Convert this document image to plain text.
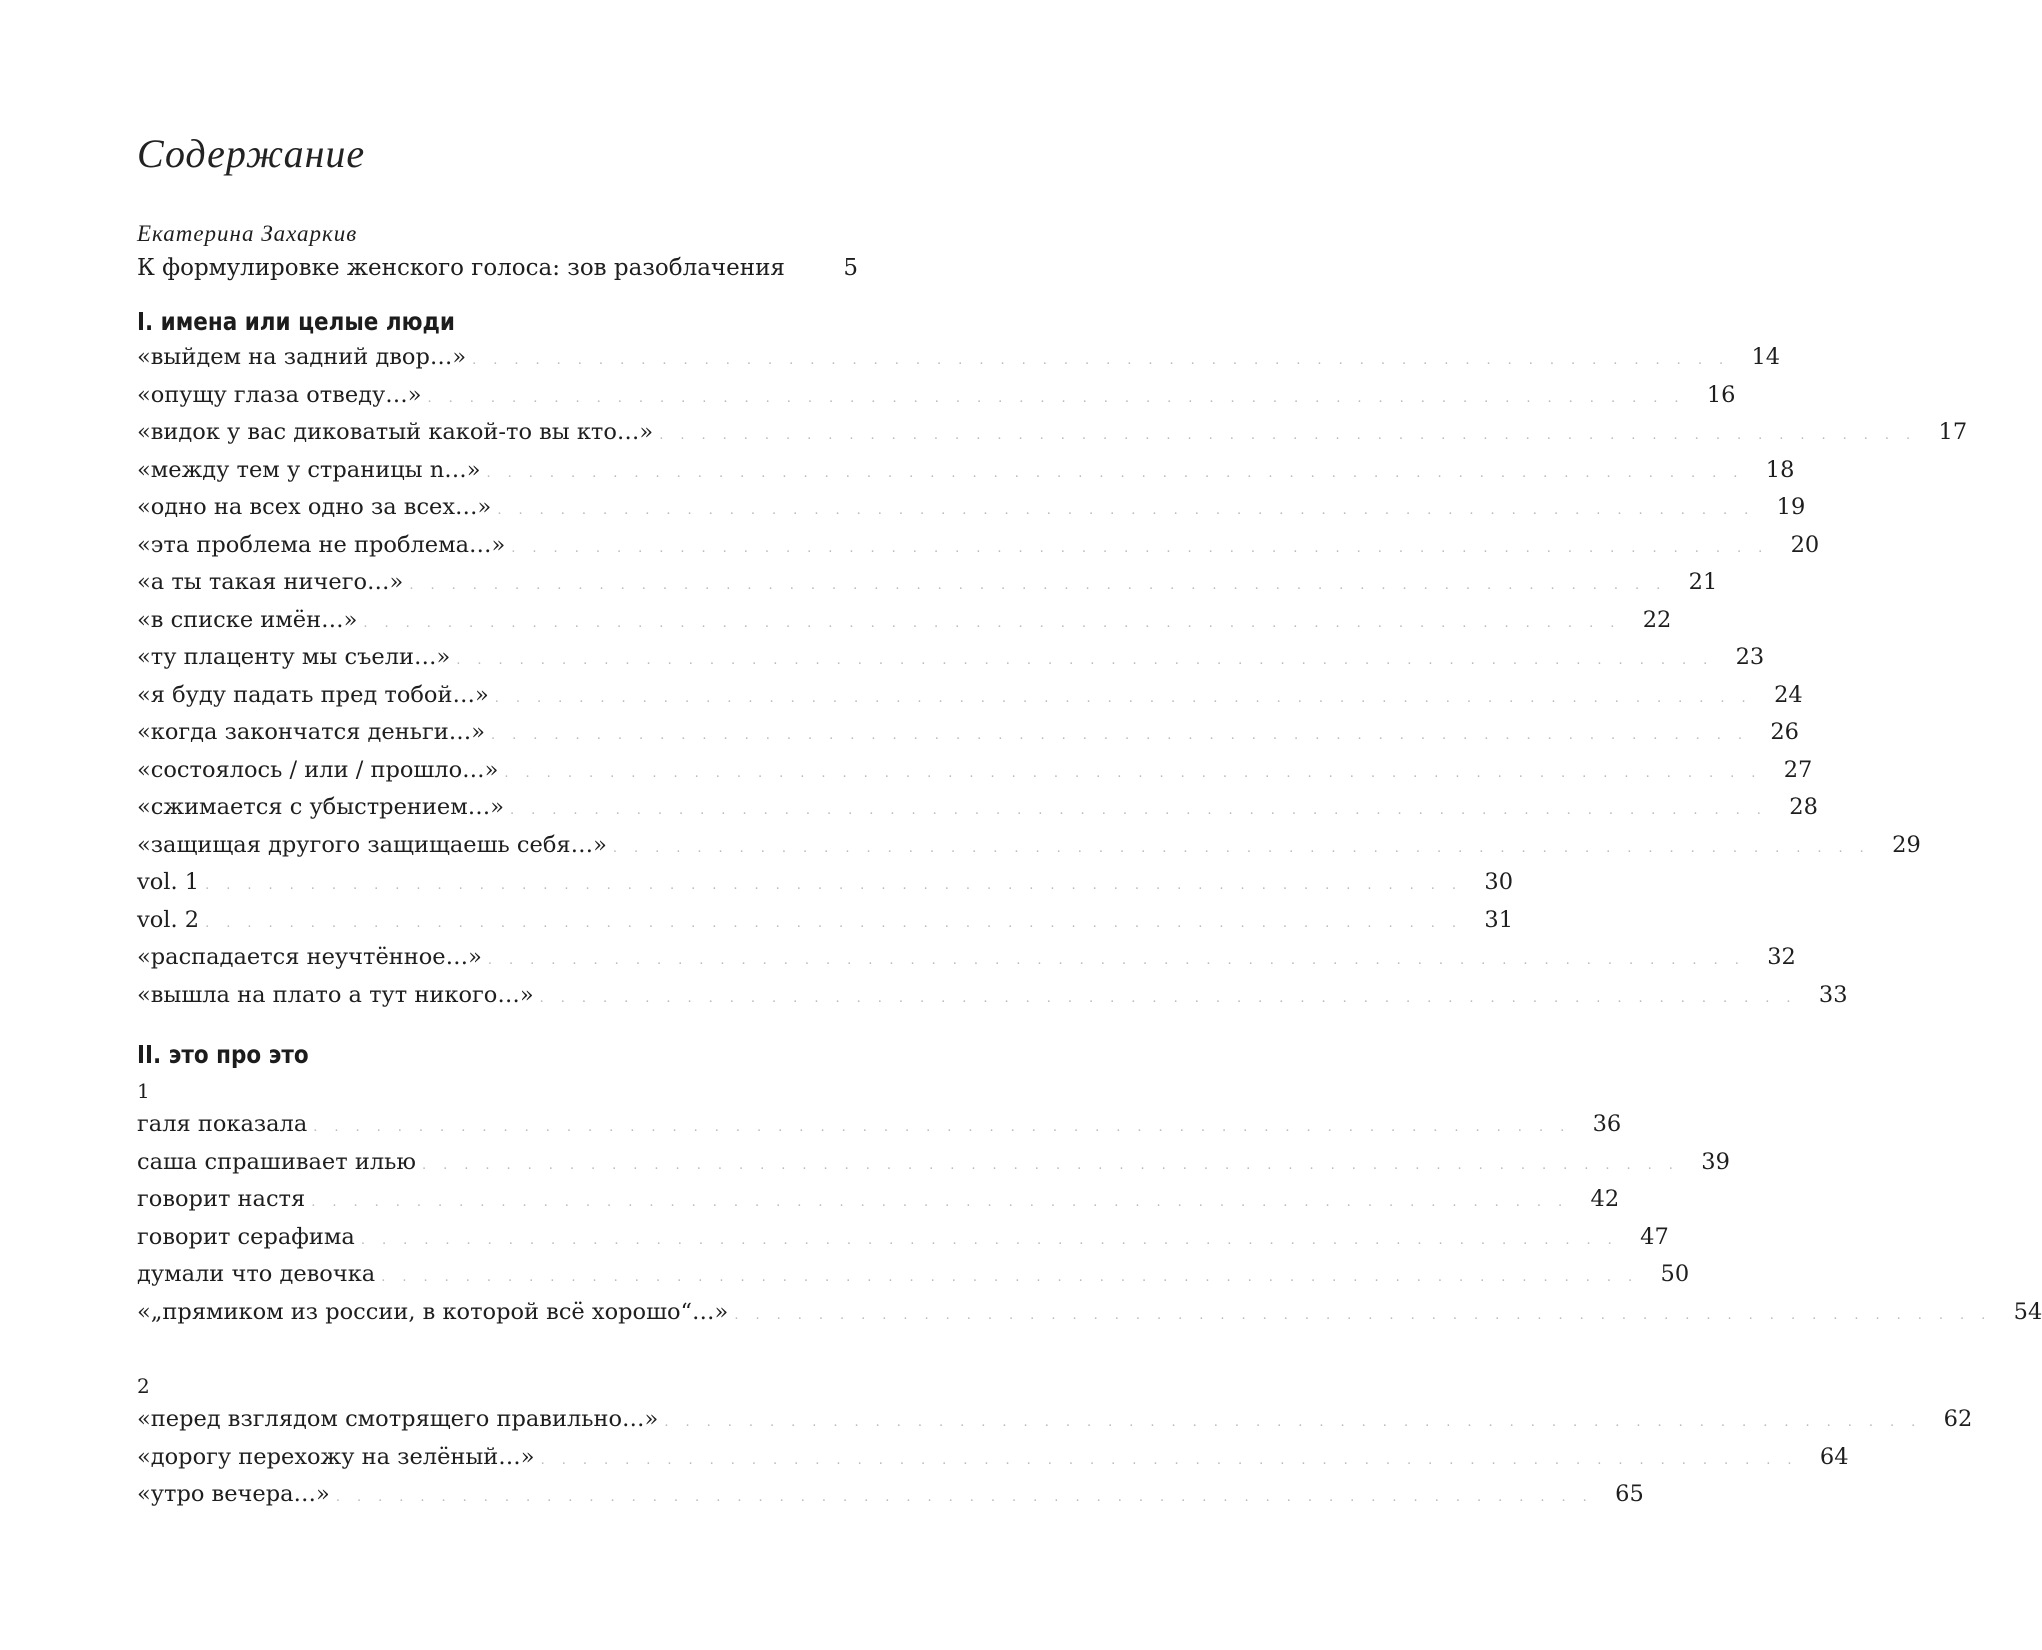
Содержание
Екатерина Захаркив
К формулировке женского голоса: зов разоблачения	5
I. имена или целые люди
«выйдем на задний двор…» ............................................................ 14
«опущу глаза отведу…» ............................................................ 16
«видок у вас диковатый какой-то вы кто…» ............................................................ 17
«между тем у страницы n…» ............................................................ 18
«одно на всех одно за всех…» ............................................................ 19
«эта проблема не проблема…» ............................................................ 20
«а ты такая ничего…» ............................................................ 21
«в списке имён…» ............................................................ 22
«ту плаценту мы съели…» ............................................................ 23
«я буду падать пред тобой…» ............................................................ 24
«когда закончатся деньги…» ............................................................ 26
«состоялось / или / прошло…» ............................................................ 27
«сжимается с убыстрением…» ............................................................ 28
«защищая другого защищаешь себя…» ............................................................ 29
vol. 1 ............................................................ 30
vol. 2 ............................................................ 31
«распадается неучтённое…» ............................................................ 32
«вышла на плато а тут никого…» ............................................................ 33
II. это про это
1
галя показала ............................................................ 36
саша спрашивает илью ............................................................ 39
говорит настя ............................................................ 42
говорит серафима ............................................................ 47
думали что девочка ............................................................ 50
«„прямиком из россии, в которой всё хорошо“…» ............................................................ 54
2
«перед взглядом смотрящего правильно…» ............................................................ 62
«дорогу перехожу на зелёный…» ............................................................ 64
«утро вечера…» ............................................................ 65
